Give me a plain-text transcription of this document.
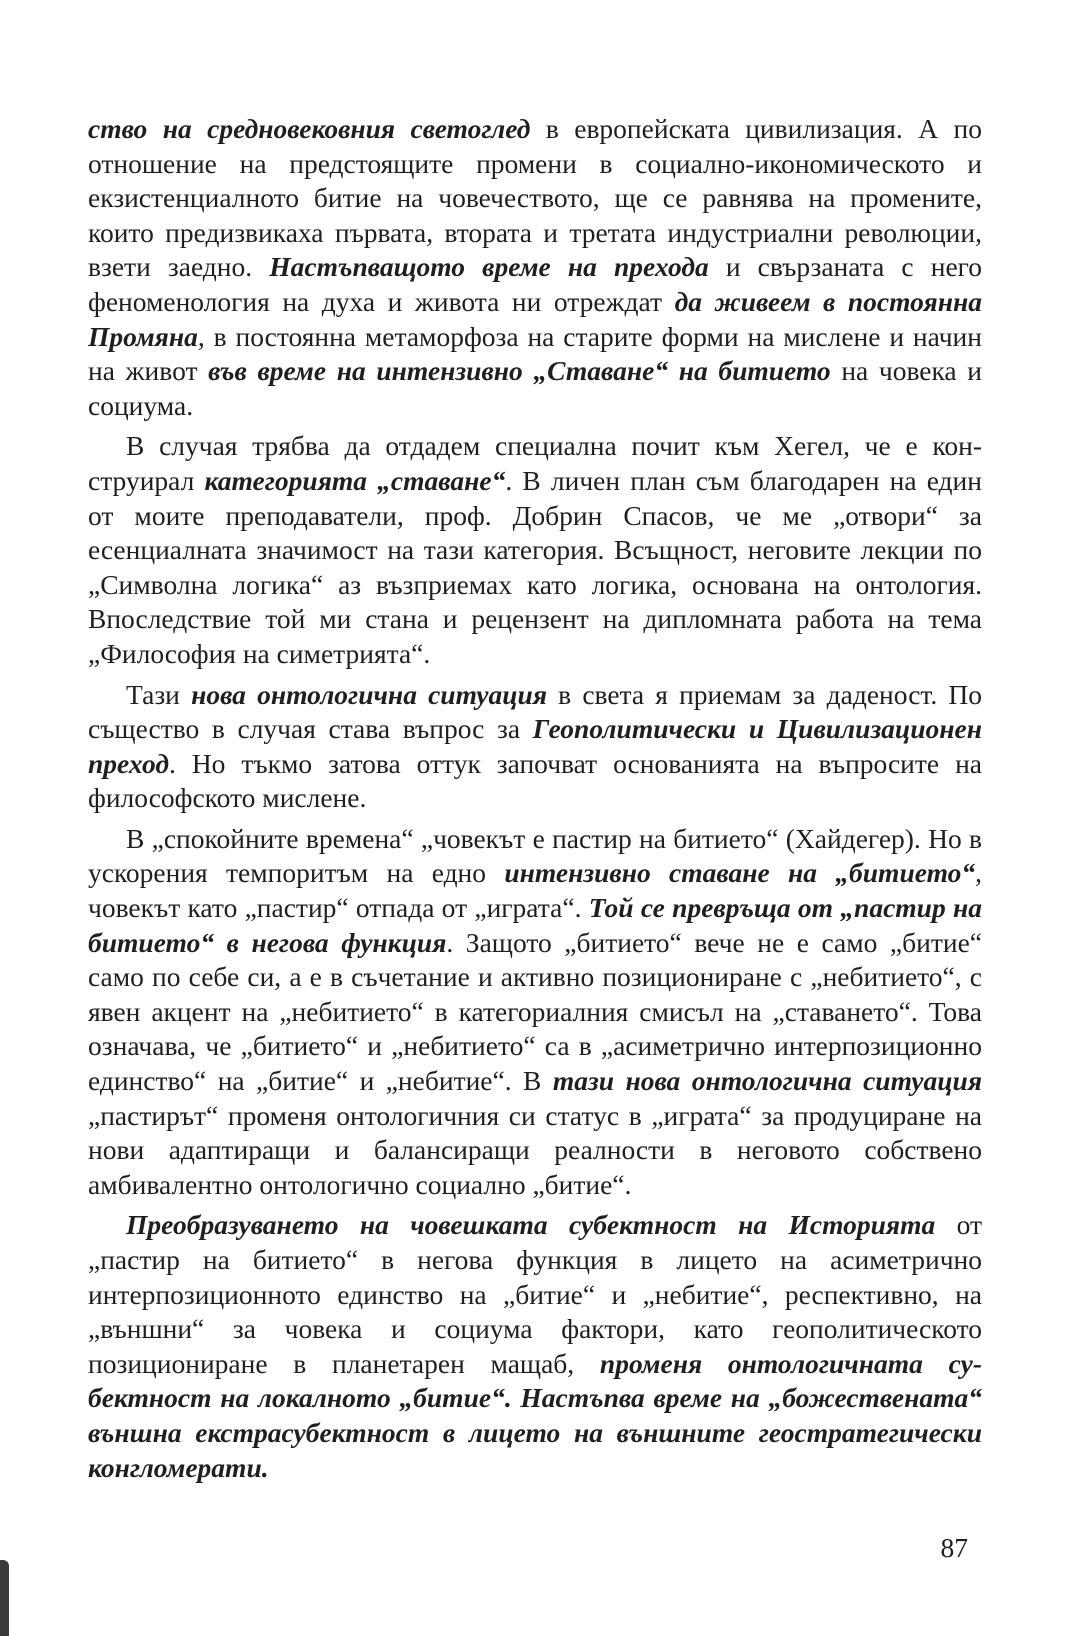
ство на средновековния светоглед в европейската цивилизация. А по отношение на предстоящите промени в социално-икономическото и екзистенциалното битие на човечеството, ще се равнява на промените, които предизвикаха първата, втората и третата индустриални революции, взети заедно. Настъпващото време на прехода и свързаната с него феноменология на духа и живота ни отреждат да живеем в постоянна Промяна, в постоянна метаморфоза на старите форми на мислене и начин на живот във време на интензивно „Ставане“ на битието на човека и социума.

В случая трябва да отдадем специална почит към Хегел, че е конструирал категорията „ставане“. В личен план съм благодарен на един от моите преподаватели, проф. Добрин Спасов, че ме „отвори“ за есенциалната значимост на тази категория. Всъщност, неговите лекции по „Символна логика“ аз възприемах като логика, основана на онтология. Впоследствие той ми стана и рецензент на дипломната работа на тема „Философия на симетрията“.

Тази нова онтологична ситуация в света я приемам за даденост. По същество в случая става въпрос за Геополитически и Цивилизационен преход. Но тъкмо затова оттук започват основанията на въпросите на философското мислене.

В „спокойните времена“ „човекът е пастир на битието“ (Хайдегер). Но в ускорения темпоритъм на едно интензивно ставане на „битието“, човекът като „пастир“ отпада от „играта“. Той се превръща от „пастир на битието“ в негова функция. Защото „битието“ вече не е само „битие“ само по себе си, а е в съчетание и активно позициониране с „небитието“, с явен акцент на „небитието“ в категориалния смисъл на „ставането“. Това означава, че „битието“ и „небитието“ са в „асиметрично интерпозиционно единство“ на „битие“ и „небитие“. В тази нова онтологична ситуация „пастирът“ променя онтологичния си статус в „играта“ за продуциране на нови адаптиращи и балансиращи реалности в неговото собствено амбивалентно онтологично социално „битие“.

Преобразуването на човешката субектност на Историята от „пастир на битието“ в негова функция в лицето на асиметрично интерпозиционното единство на „битие“ и „небитие“, респективно, на „външни“ за човека и социума фактори, като геополитическото позициониране в планетарен мащаб, променя онтологичната субектност на локалното „битие“. Настъпва време на „божествената“ външна екстрасубектност в лицето на външните геостратегически конгломерати.

87
